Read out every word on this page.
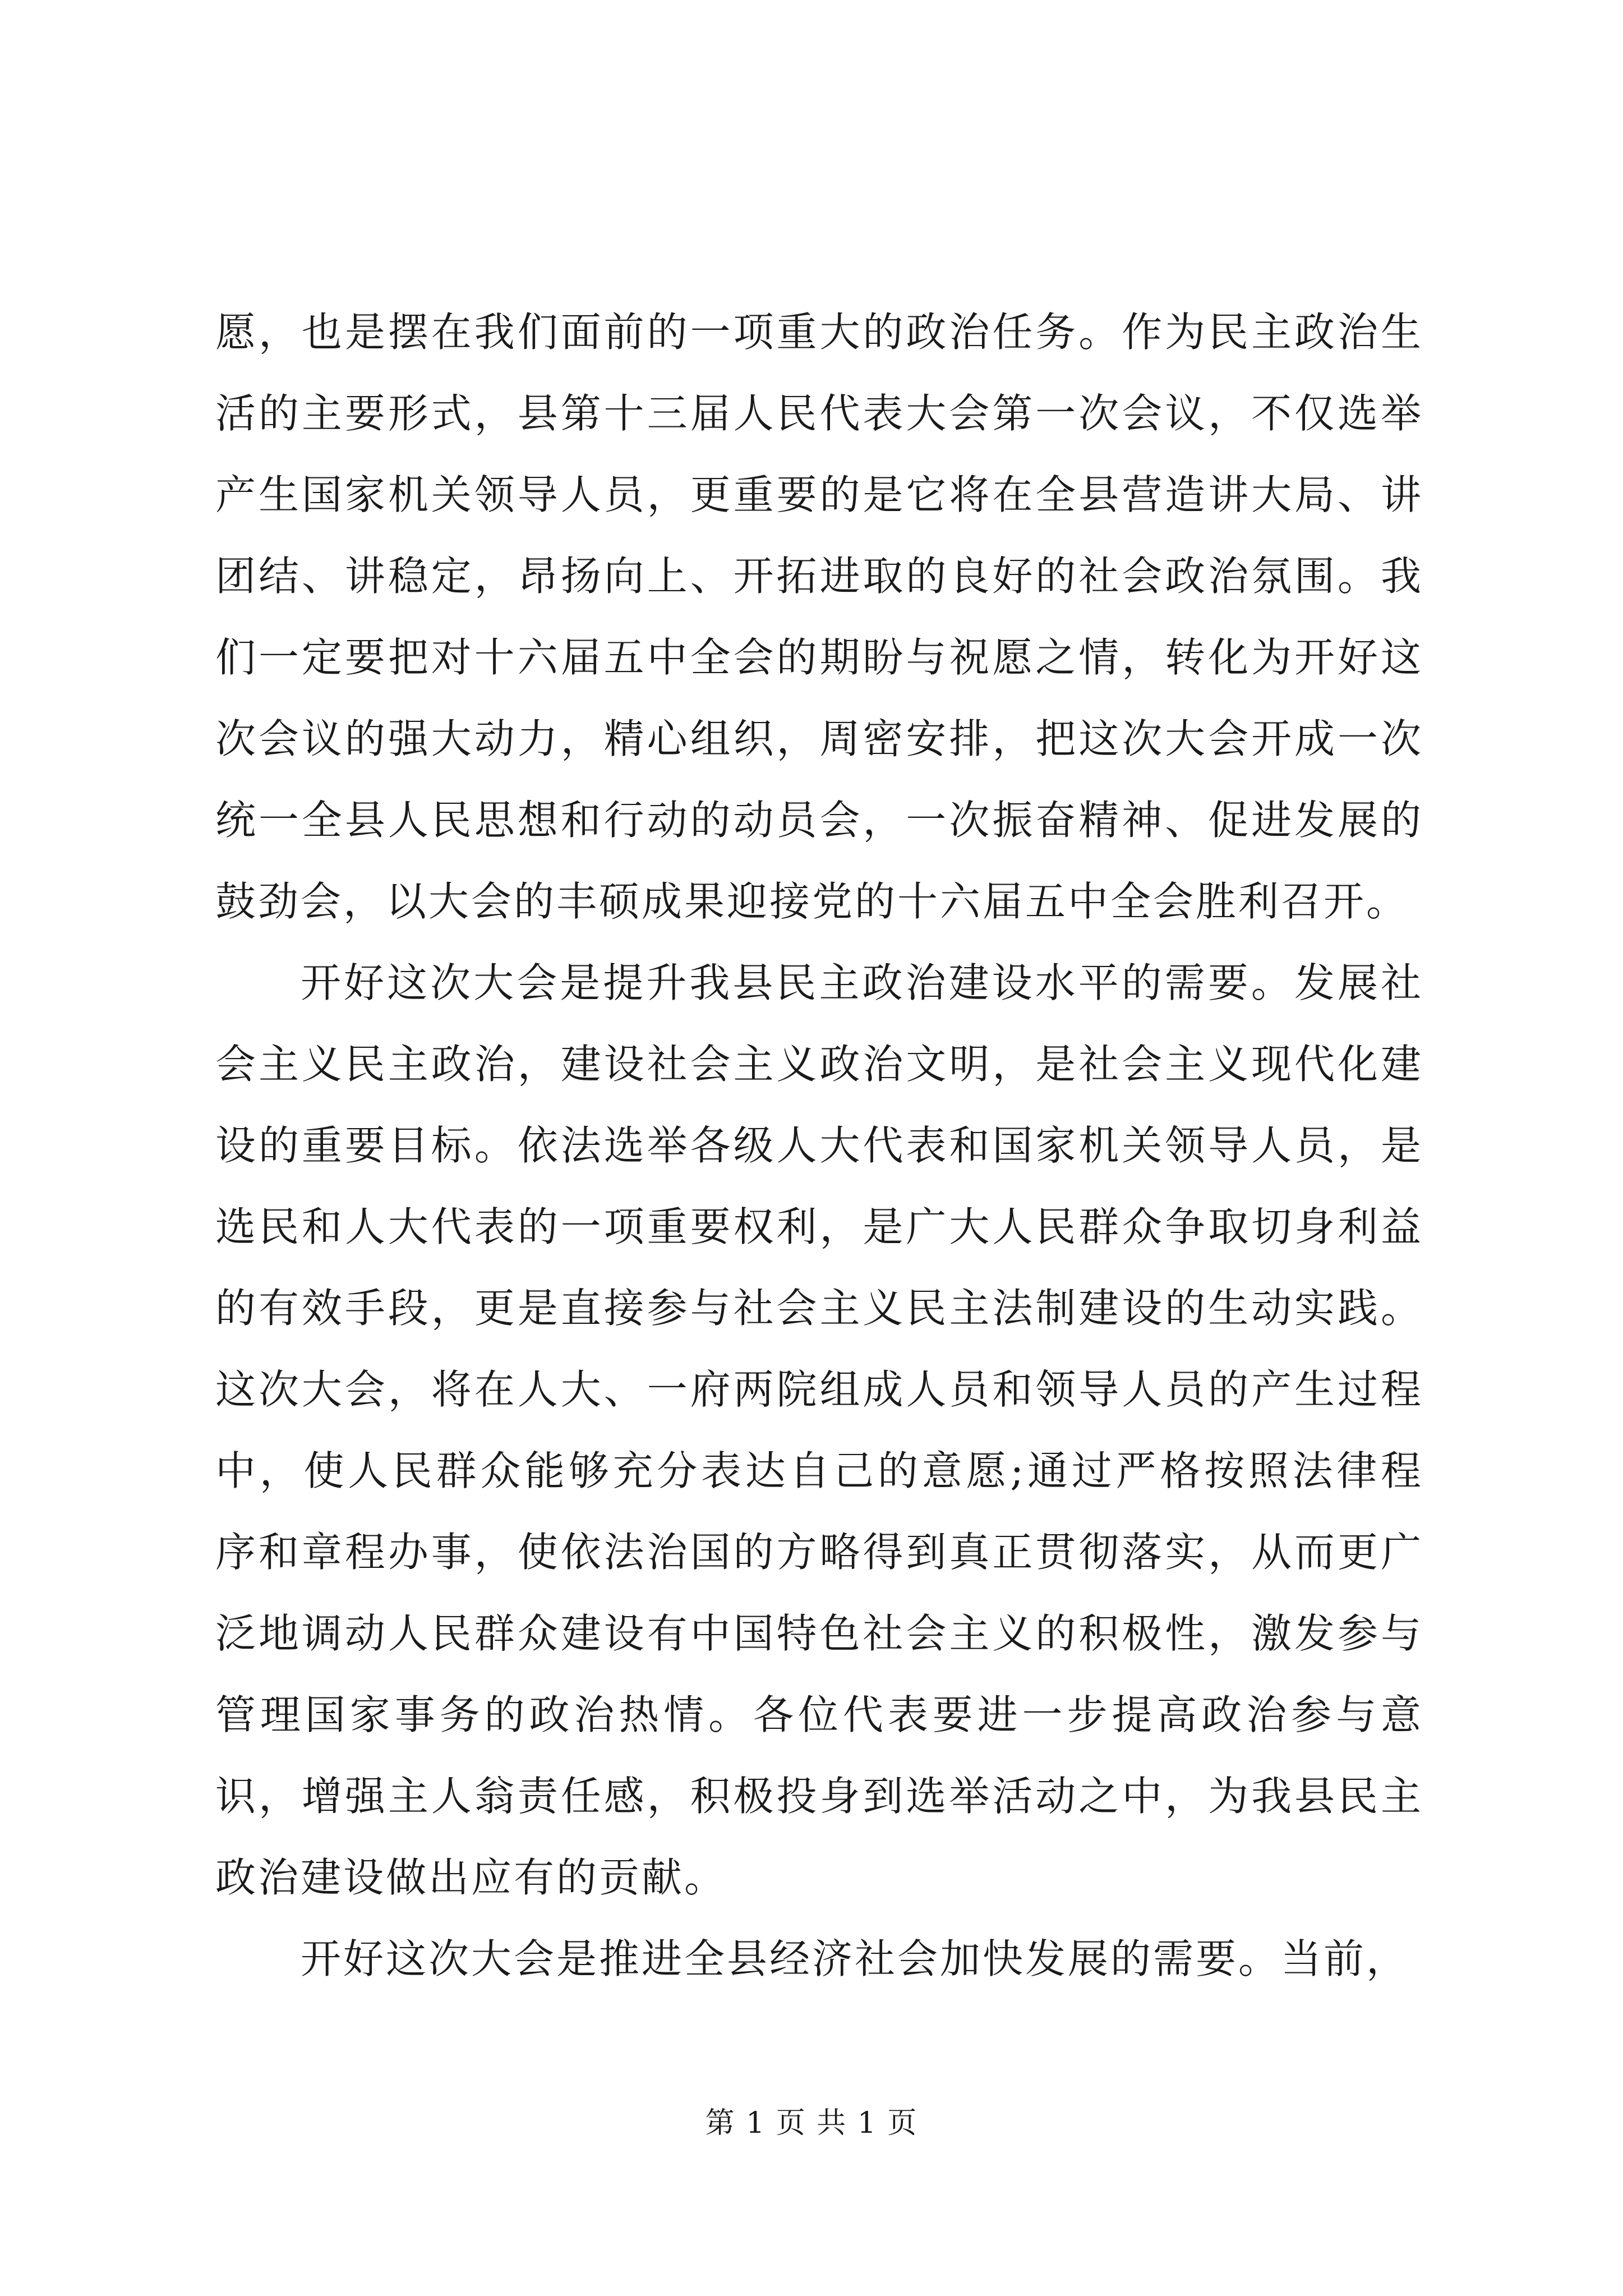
愿，也是摆在我们面前的一项重大的政治任务。作为民主政治生活的主要形式，县第十三届人民代表大会第一次会议，不仅选举产生国家机关领导人员，更重要的是它将在全县营造讲大局、讲团结、讲稳定，昂扬向上、开拓进取的良好的社会政治氛围。我们一定要把对十六届五中全会的期盼与祝愿之情，转化为开好这次会议的强大动力，精心组织，周密安排，把这次大会开成一次统一全县人民思想和行动的动员会，一次振奋精神、促进发展的鼓劲会，以大会的丰硕成果迎接党的十六届五中全会胜利召开。

开好这次大会是提升我县民主政治建设水平的需要。发展社会主义民主政治，建设社会主义政治文明，是社会主义现代化建设的重要目标。依法选举各级人大代表和国家机关领导人员，是选民和人大代表的一项重要权利，是广大人民群众争取切身利益的有效手段，更是直接参与社会主义民主法制建设的生动实践。这次大会，将在人大、一府两院组成人员和领导人员的产生过程中，使人民群众能够充分表达自己的意愿;通过严格按照法律程序和章程办事，使依法治国的方略得到真正贯彻落实，从而更广泛地调动人民群众建设有中国特色社会主义的积极性，激发参与管理国家事务的政治热情。各位代表要进一步提高政治参与意识，增强主人翁责任感，积极投身到选举活动之中，为我县民主政治建设做出应有的贡献。

开好这次大会是推进全县经济社会加快发展的需要。当前，

第 1 页 共 1 页
